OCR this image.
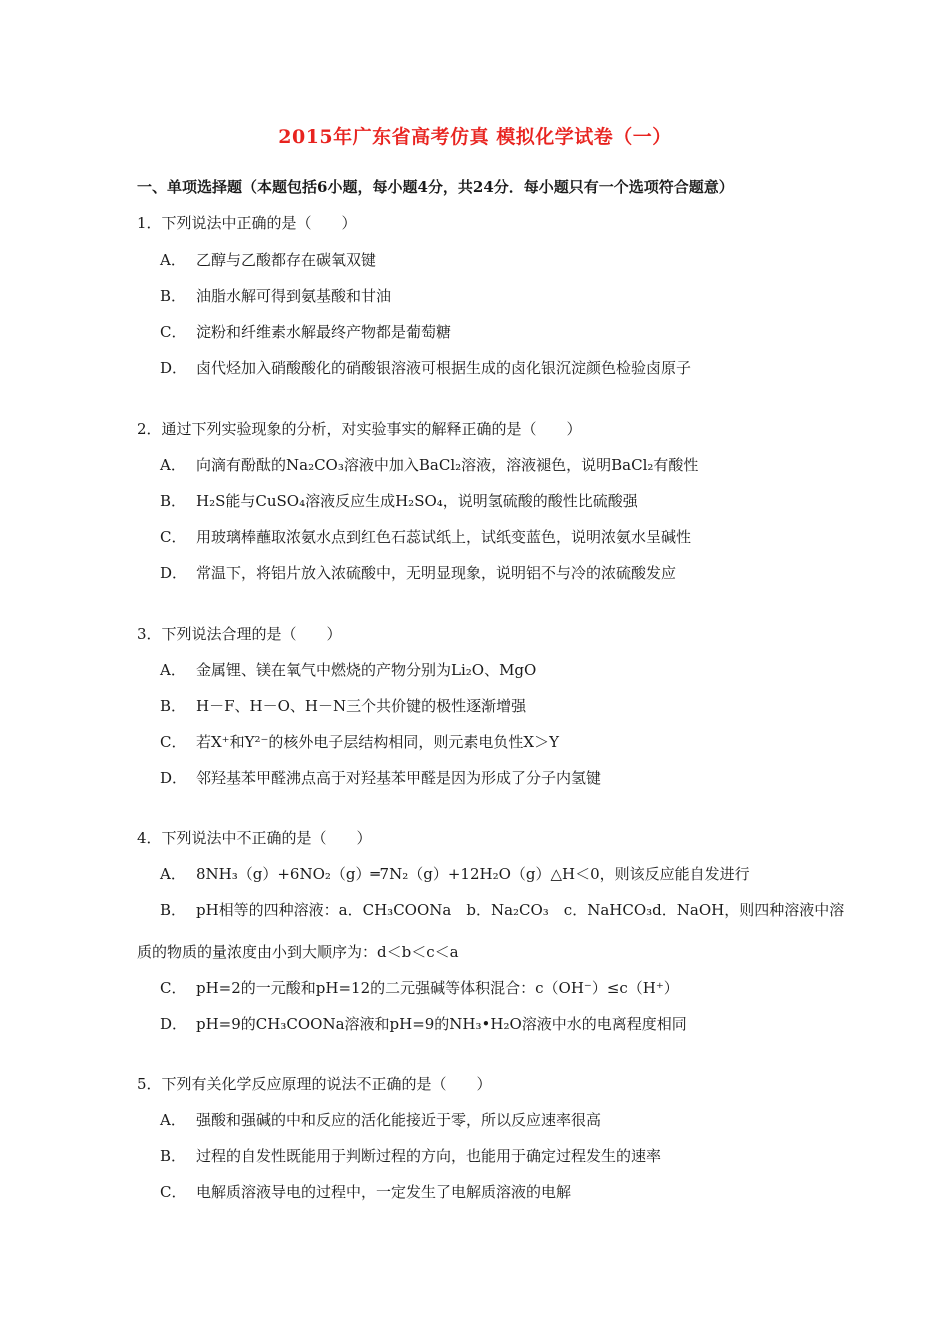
2015年广东省高考仿真 模拟化学试卷（一）
一、单项选择题（本题包括6小题，每小题4分，共24分．每小题只有一个选项符合题意）
1．下列说法中正确的是（　　）
A． 乙醇与乙酸都存在碳氧双键
B． 油脂水解可得到氨基酸和甘油
C． 淀粉和纤维素水解最终产物都是葡萄糖
D． 卤代烃加入硝酸酸化的硝酸银溶液可根据生成的卤化银沉淀颜色检验卤原子
2．通过下列实验现象的分析，对实验事实的解释正确的是（　　）
A． 向滴有酚酞的Na₂CO₃溶液中加入BaCl₂溶液，溶液褪色，说明BaCl₂有酸性
B． H₂S能与CuSO₄溶液反应生成H₂SO₄，说明氢硫酸的酸性比硫酸强
C． 用玻璃棒蘸取浓氨水点到红色石蕊试纸上，试纸变蓝色，说明浓氨水呈碱性
D． 常温下，将铝片放入浓硫酸中，无明显现象，说明铝不与冷的浓硫酸发应
3．下列说法合理的是（　　）
A． 金属锂、镁在氧气中燃烧的产物分别为Li₂O、MgO
B． H－F、H－O、H－N三个共价键的极性逐渐增强
C． 若X⁺和Y²⁻的核外电子层结构相同，则元素电负性X＞Y
D． 邻羟基苯甲醛沸点高于对羟基苯甲醛是因为形成了分子内氢键
4．下列说法中不正确的是（　　）
A． 8NH₃（g）+6NO₂（g）═7N₂（g）+12H₂O（g）△H＜0，则该反应能自发进行
B． pH相等的四种溶液：a．CH₃COONa　b．Na₂CO₃　c．NaHCO₃d．NaOH，则四种溶液中溶
质的物质的量浓度由小到大顺序为：d＜b＜c＜a
C． pH=2的一元酸和pH=12的二元强碱等体积混合：c（OH⁻）≤c（H⁺）
D． pH=9的CH₃COONa溶液和pH=9的NH₃•H₂O溶液中水的电离程度相同
5．下列有关化学反应原理的说法不正确的是（　　）
A． 强酸和强碱的中和反应的活化能接近于零，所以反应速率很高
B． 过程的自发性既能用于判断过程的方向，也能用于确定过程发生的速率
C． 电解质溶液导电的过程中，一定发生了电解质溶液的电解
